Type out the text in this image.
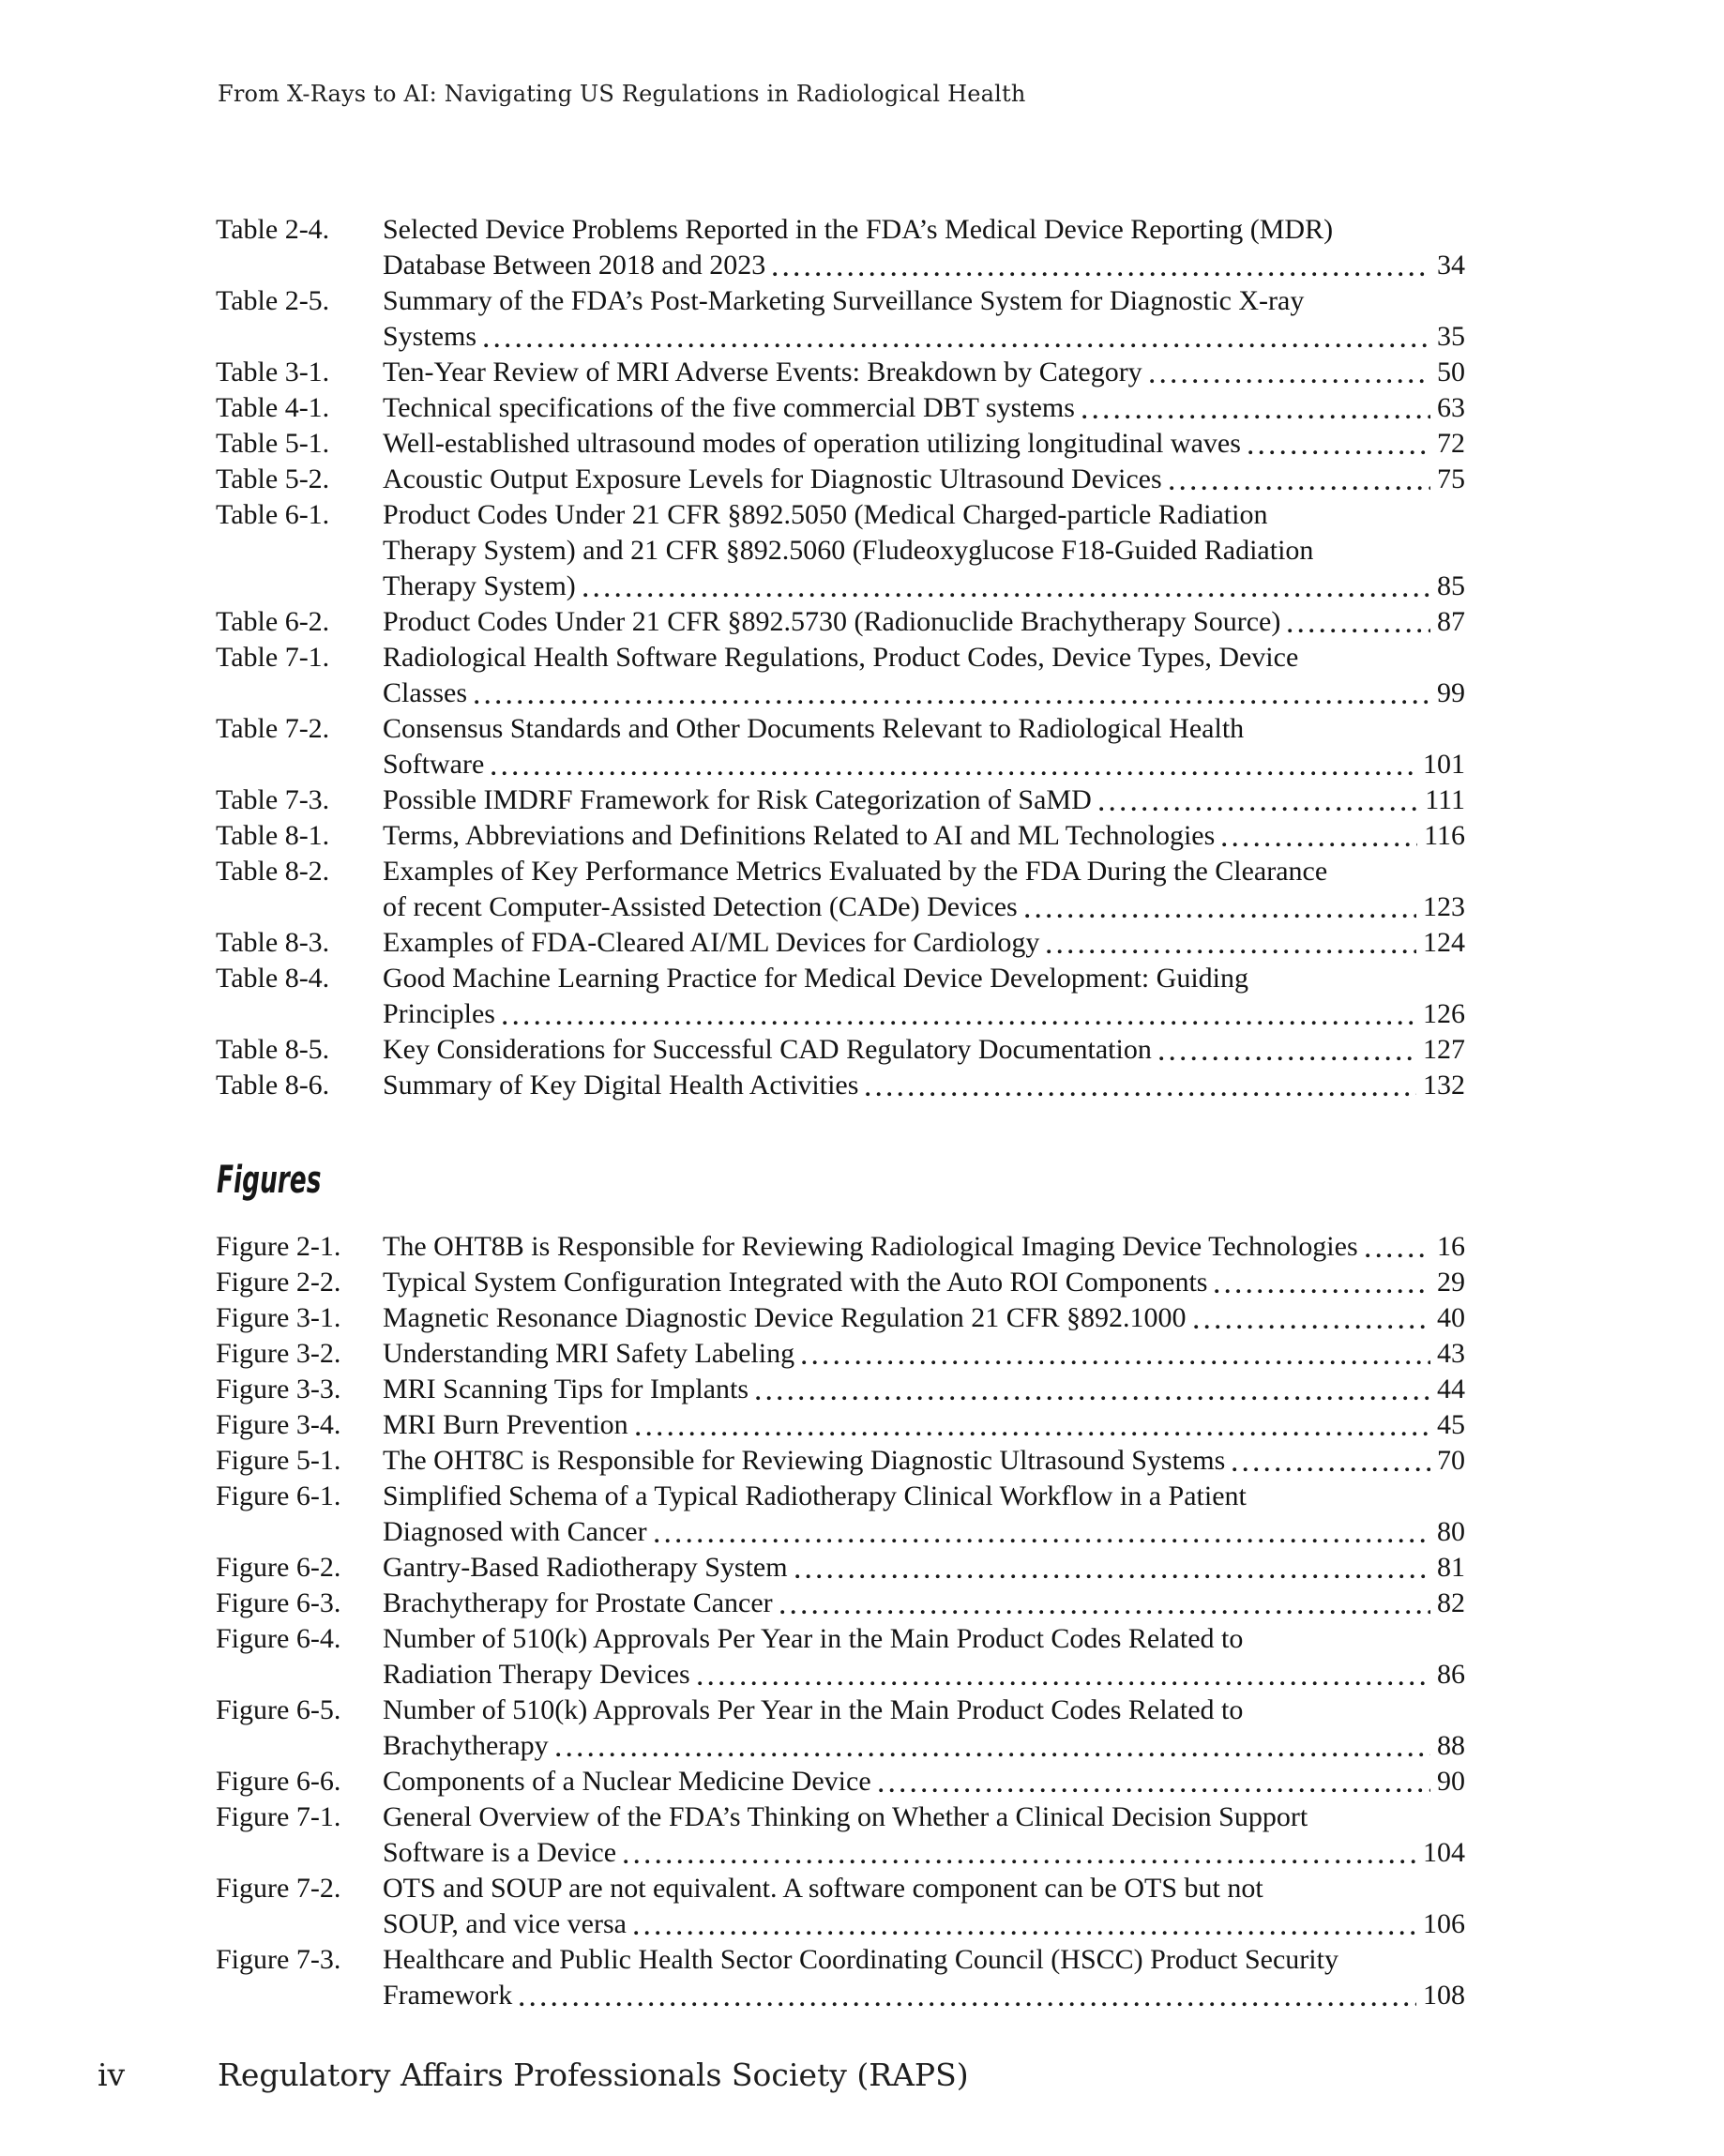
From X-Rays to AI: Navigating US Regulations in Radiological Health
Table 2-4.	Selected Device Problems Reported in the FDA’s Medical Device Reporting (MDR)
Database Between 2018 and 2023	34
Table 2-5.	Summary of the FDA’s Post-Marketing Surveillance System for Diagnostic X-ray
Systems	35
Table 3-1.	Ten-Year Review of MRI Adverse Events: Breakdown by Category	50
Table 4-1.	Technical specifications of the five commercial DBT systems	63
Table 5-1.	Well-established ultrasound modes of operation utilizing longitudinal waves	72
Table 5-2.	Acoustic Output Exposure Levels for Diagnostic Ultrasound Devices	75
Table 6-1.	Product Codes Under 21 CFR §892.5050 (Medical Charged-particle Radiation
Therapy System) and 21 CFR §892.5060 (Fludeoxyglucose F18-Guided Radiation
Therapy System)	85
Table 6-2.	Product Codes Under 21 CFR §892.5730 (Radionuclide Brachytherapy Source)	87
Table 7-1.	Radiological Health Software Regulations, Product Codes, Device Types, Device
Classes	99
Table 7-2.	Consensus Standards and Other Documents Relevant to Radiological Health
Software	101
Table 7-3.	Possible IMDRF Framework for Risk Categorization of SaMD	111
Table 8-1.	Terms, Abbreviations and Definitions Related to AI and ML Technologies	116
Table 8-2.	Examples of Key Performance Metrics Evaluated by the FDA During the Clearance
of recent Computer-Assisted Detection (CADe) Devices	123
Table 8-3.	Examples of FDA-Cleared AI/ML Devices for Cardiology	124
Table 8-4.	Good Machine Learning Practice for Medical Device Development: Guiding
Principles	126
Table 8-5.	Key Considerations for Successful CAD Regulatory Documentation	127
Table 8-6.	Summary of Key Digital Health Activities	132
Figures
Figure 2-1.	The OHT8B is Responsible for Reviewing Radiological Imaging Device Technologies	16
Figure 2-2.	Typical System Configuration Integrated with the Auto ROI Components	29
Figure 3-1.	Magnetic Resonance Diagnostic Device Regulation 21 CFR §892.1000	40
Figure 3-2.	Understanding MRI Safety Labeling	43
Figure 3-3.	MRI Scanning Tips for Implants	44
Figure 3-4.	MRI Burn Prevention	45
Figure 5-1.	The OHT8C is Responsible for Reviewing Diagnostic Ultrasound Systems	70
Figure 6-1.	Simplified Schema of a Typical Radiotherapy Clinical Workflow in a Patient
Diagnosed with Cancer	80
Figure 6-2.	Gantry-Based Radiotherapy System	81
Figure 6-3.	Brachytherapy for Prostate Cancer	82
Figure 6-4.	Number of 510(k) Approvals Per Year in the Main Product Codes Related to
Radiation Therapy Devices	86
Figure 6-5.	Number of 510(k) Approvals Per Year in the Main Product Codes Related to
Brachytherapy	88
Figure 6-6.	Components of a Nuclear Medicine Device	90
Figure 7-1.	General Overview of the FDA’s Thinking on Whether a Clinical Decision Support
Software is a Device	104
Figure 7-2.	OTS and SOUP are not equivalent. A software component can be OTS but not
SOUP, and vice versa	106
Figure 7-3.	Healthcare and Public Health Sector Coordinating Council (HSCC) Product Security
Framework	108
iv	Regulatory Affairs Professionals Society (RAPS)
